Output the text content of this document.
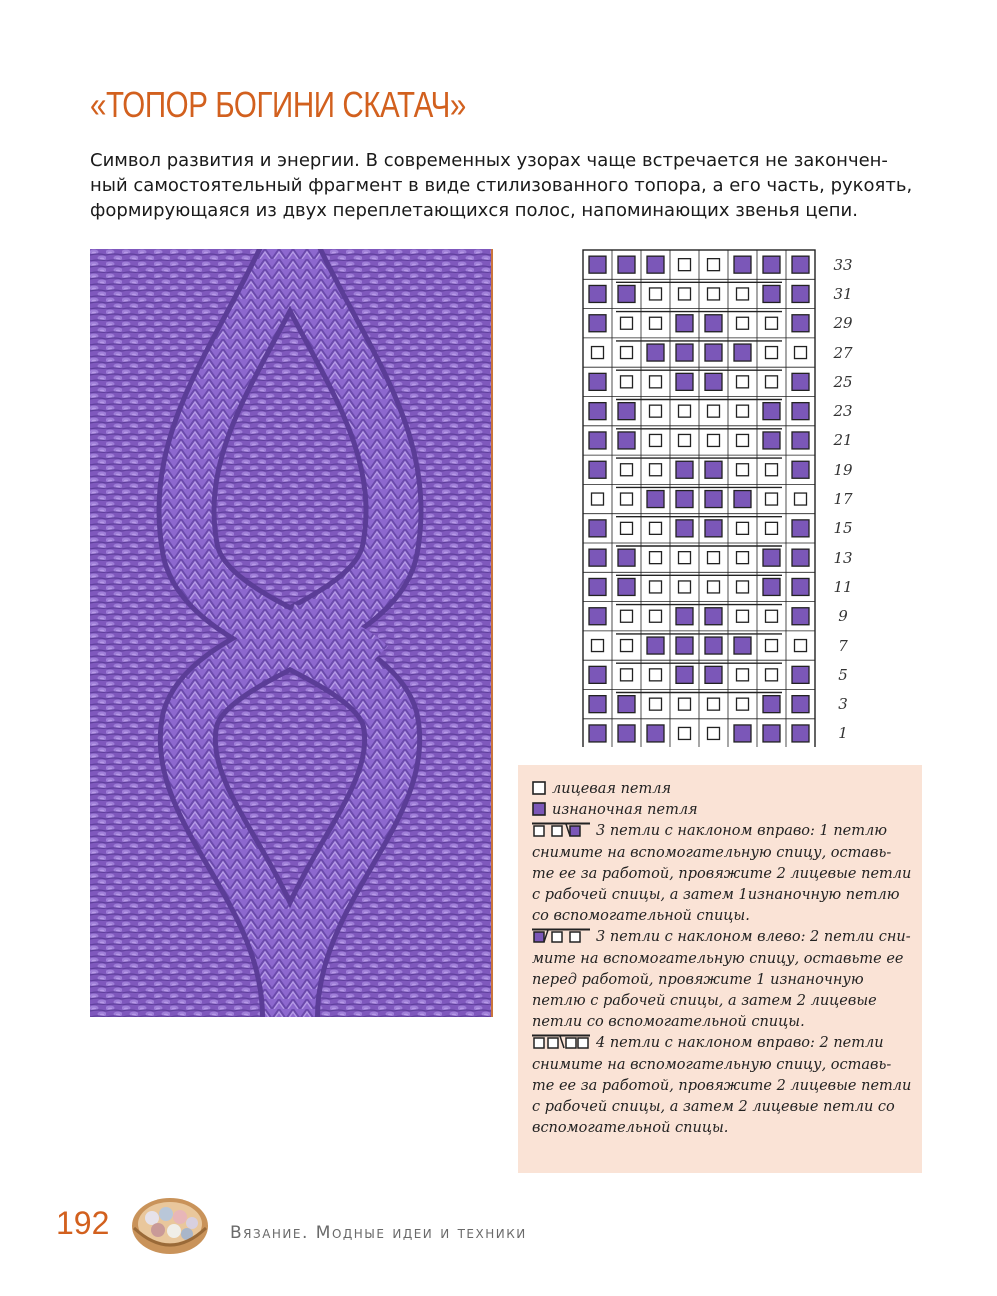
«ТОПОР БОГИНИ СКАТАЧ»
Символ развития и энергии. В современных узорах чаще встречается не закончен-
ный самостоятельный фрагмент в виде стилизованного топора, а его часть, рукоять,
формирующаяся из двух переплетающихся полос, напоминающих звенья цепи.
33
31
29
27
25
23
21
19
17
15
13
11
9
7
5
3
1

лицевая петля

изнаночная петля

3 петли с наклоном вправо: 1 петлю

снимите на вспомогательную спицу, оставь-

те ее за работой, провяжите 2 лицевые петли

с рабочей спицы, а затем 1изнаночную петлю

со вспомогательной спицы.

3 петли с наклоном влево: 2 петли сни-

мите на вспомогательную спицу, оставьте ее

перед работой, провяжите 1 изнаночную

петлю с рабочей спицы, а затем 2 лицевые

петли со вспомогательной спицы.

4 петли с наклоном вправо: 2 петли

снимите на вспомогательную спицу, оставь-

те ее за работой, провяжите 2 лицевые петли

с рабочей спицы, а затем 2 лицевые петли со

вспомогательной спицы.

192	Вязание. Модные идеи и техники
